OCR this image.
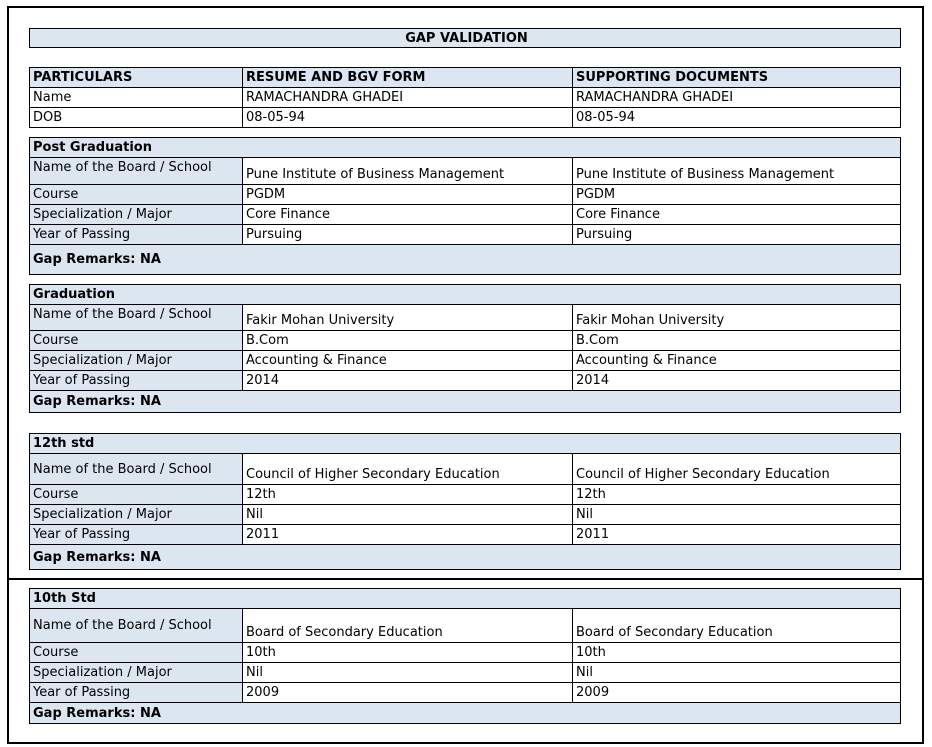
GAP VALIDATION
PARTICULARS	RESUME AND BGV FORM	SUPPORTING DOCUMENTS
Name	RAMACHANDRA GHADEI	RAMACHANDRA GHADEI
DOB	08-05-94	08-05-94
Post Graduation
Name of the Board / School	Pune Institute of Business Management	Pune Institute of Business Management
Course	PGDM	PGDM
Specialization / Major	Core Finance	Core Finance
Year of Passing	Pursuing	Pursuing
Gap Remarks: NA
Graduation
Name of the Board / School	Fakir Mohan University	Fakir Mohan University
Course	B.Com	B.Com
Specialization / Major	Accounting & Finance	Accounting & Finance
Year of Passing	2014	2014
Gap Remarks: NA
12th std
Name of the Board / School	Council of Higher Secondary Education	Council of Higher Secondary Education
Course	12th	12th
Specialization / Major	Nil	Nil
Year of Passing	2011	2011
Gap Remarks: NA
10th Std
Name of the Board / School	Board of Secondary Education	Board of Secondary Education
Course	10th	10th
Specialization / Major	Nil	Nil
Year of Passing	2009	2009
Gap Remarks: NA
